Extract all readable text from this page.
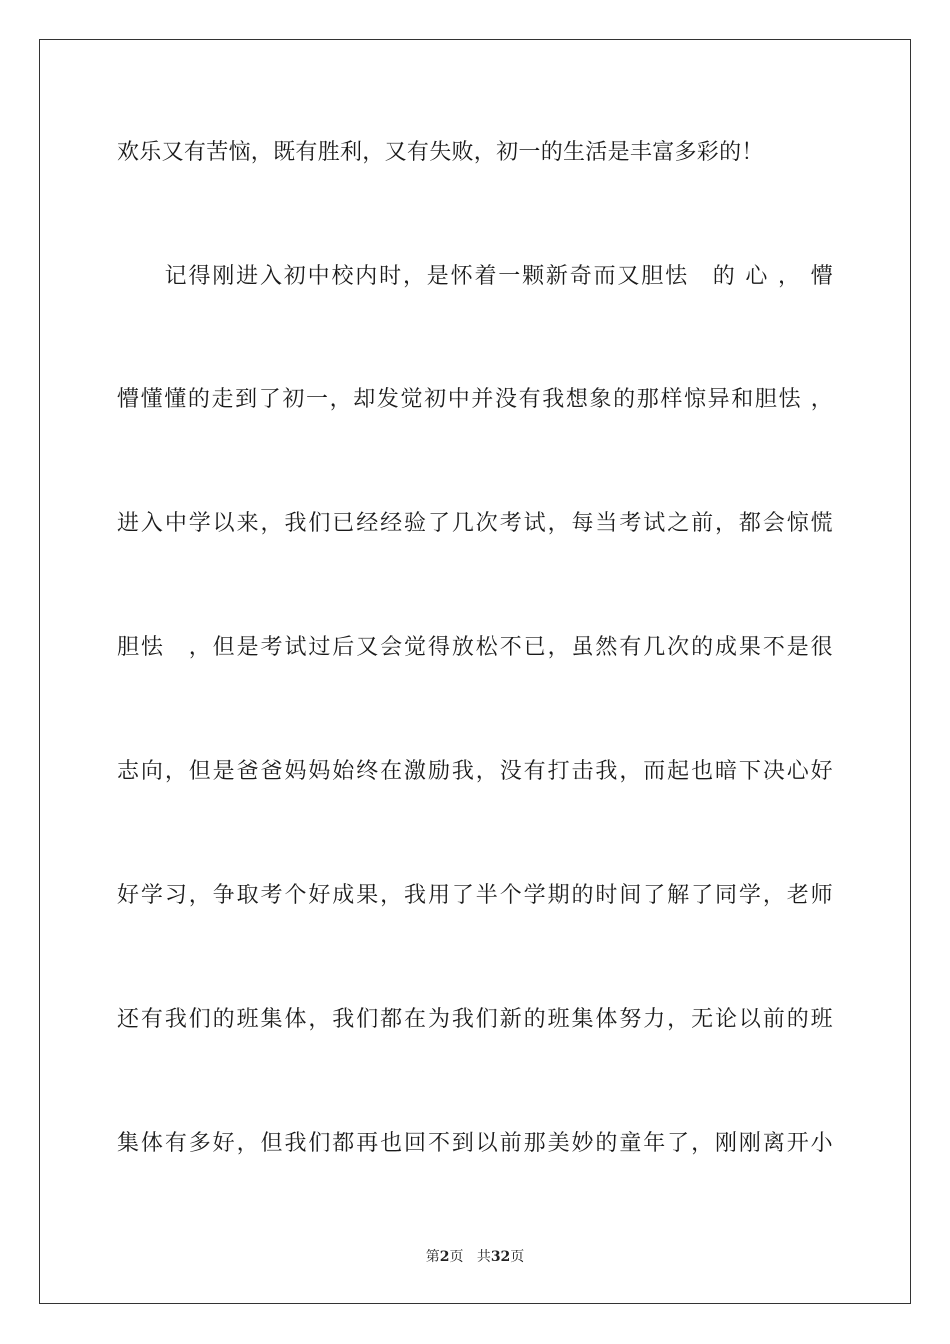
欢乐又有苦恼，既有胜利，又有失败，初一的生活是丰富多彩的！
　　记得刚进入初中校内时，是怀着一颗新奇而又胆怯　的 心 ， 懵
懵懂懂的走到了初一，却发觉初中并没有我想象的那样惊异和胆怯 ，
进入中学以来，我们已经经验了几次考试，每当考试之前，都会惊慌
胆怯　，但是考试过后又会觉得放松不已，虽然有几次的成果不是很
志向，但是爸爸妈妈始终在激励我，没有打击我，而起也暗下决心好
好学习，争取考个好成果，我用了半个学期的时间了解了同学，老师
还有我们的班集体，我们都在为我们新的班集体努力，无论以前的班
集体有多好，但我们都再也回不到以前那美妙的童年了，刚刚离开小
第2页 共32页
